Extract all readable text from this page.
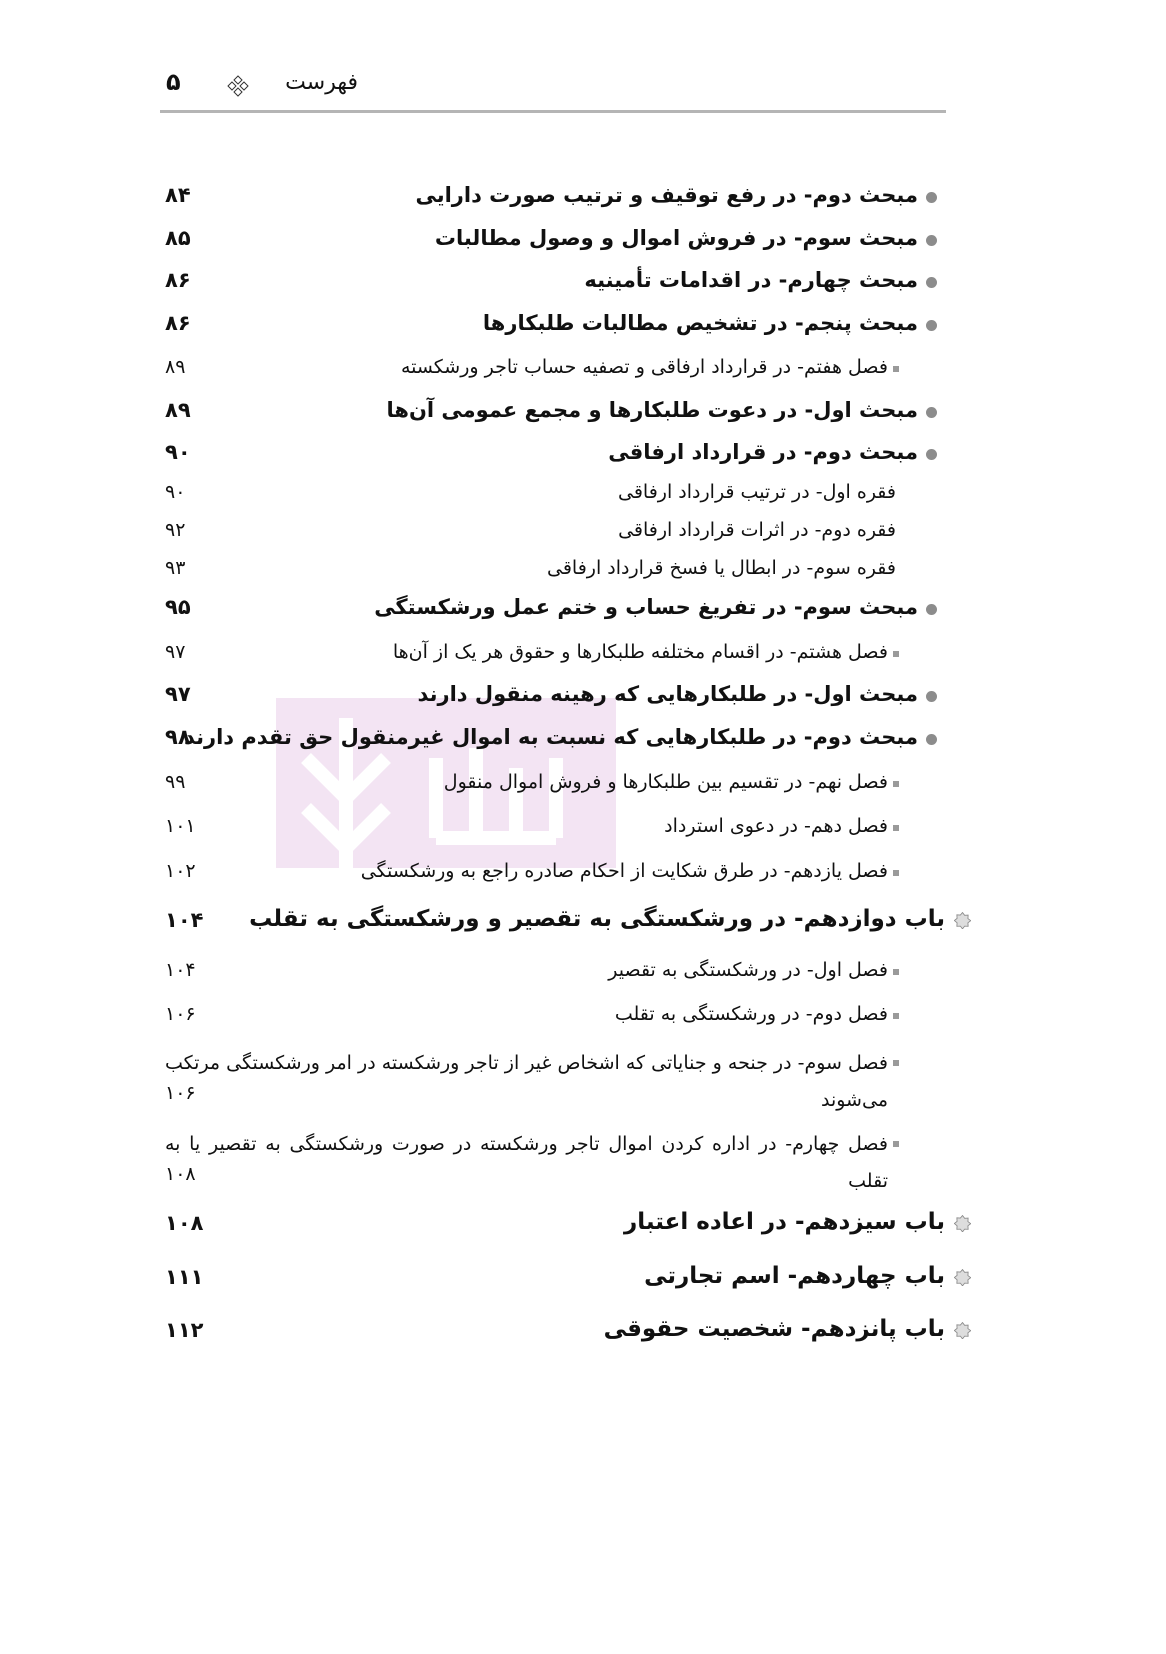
فهرست
۵
مبحث دوم- در رفع توقیف و ترتیب صورت دارایی
۸۴
مبحث سوم- در فروش اموال و وصول مطالبات
۸۵
مبحث چهارم- در اقدامات تأمینیه
۸۶
مبحث پنجم- در تشخیص مطالبات طلبکارها
۸۶
فصل هفتم- در قرارداد ارفاقی و تصفیه حساب تاجر ورشکسته
۸۹
مبحث اول- در دعوت طلبکارها و مجمع عمومی آن‌ها
۸۹
مبحث دوم- در قرارداد ارفاقی
۹۰
فقره اول- در ترتیب قرارداد ارفاقی
۹۰
فقره دوم- در اثرات قرارداد ارفاقی
۹۲
فقره سوم- در ابطال یا فسخ قرارداد ارفاقی
۹۳
مبحث سوم- در تفریغ حساب و ختم عمل ورشکستگی
۹۵
فصل هشتم- در اقسام مختلفه طلبکارها و حقوق هر یک از آن‌ها
۹۷
مبحث اول- در طلبکارهایی که رهینه منقول دارند
۹۷
مبحث دوم- در طلبکارهایی که نسبت به اموال غیرمنقول حق تقدم دارند
۹۸
فصل نهم- در تقسیم بین طلبکارها و فروش اموال منقول
۹۹
فصل دهم- در دعوی استرداد
۱۰۱
فصل یازدهم- در طرق شکایت از احکام صادره راجع به ورشکستگی
۱۰۲
باب دوازدهم- در ورشکستگی به تقصیر و ورشکستگی به تقلب
۱۰۴
فصل اول- در ورشکستگی به تقصیر
۱۰۴
فصل دوم- در ورشکستگی به تقلب
۱۰۶
فصل سوم- در جنحه و جنایاتی که اشخاص غیر از تاجر ورشکسته در امر ورشکستگی مرتکب می‌شوند
۱۰۶
فصل چهارم- در اداره کردن اموال تاجر ورشکسته در صورت ورشکستگی به تقصیر یا به تقلب
۱۰۸
باب سیزدهم- در اعاده اعتبار
۱۰۸
باب چهاردهم- اسم تجارتی
۱۱۱
باب پانزدهم- شخصیت حقوقی
۱۱۲
